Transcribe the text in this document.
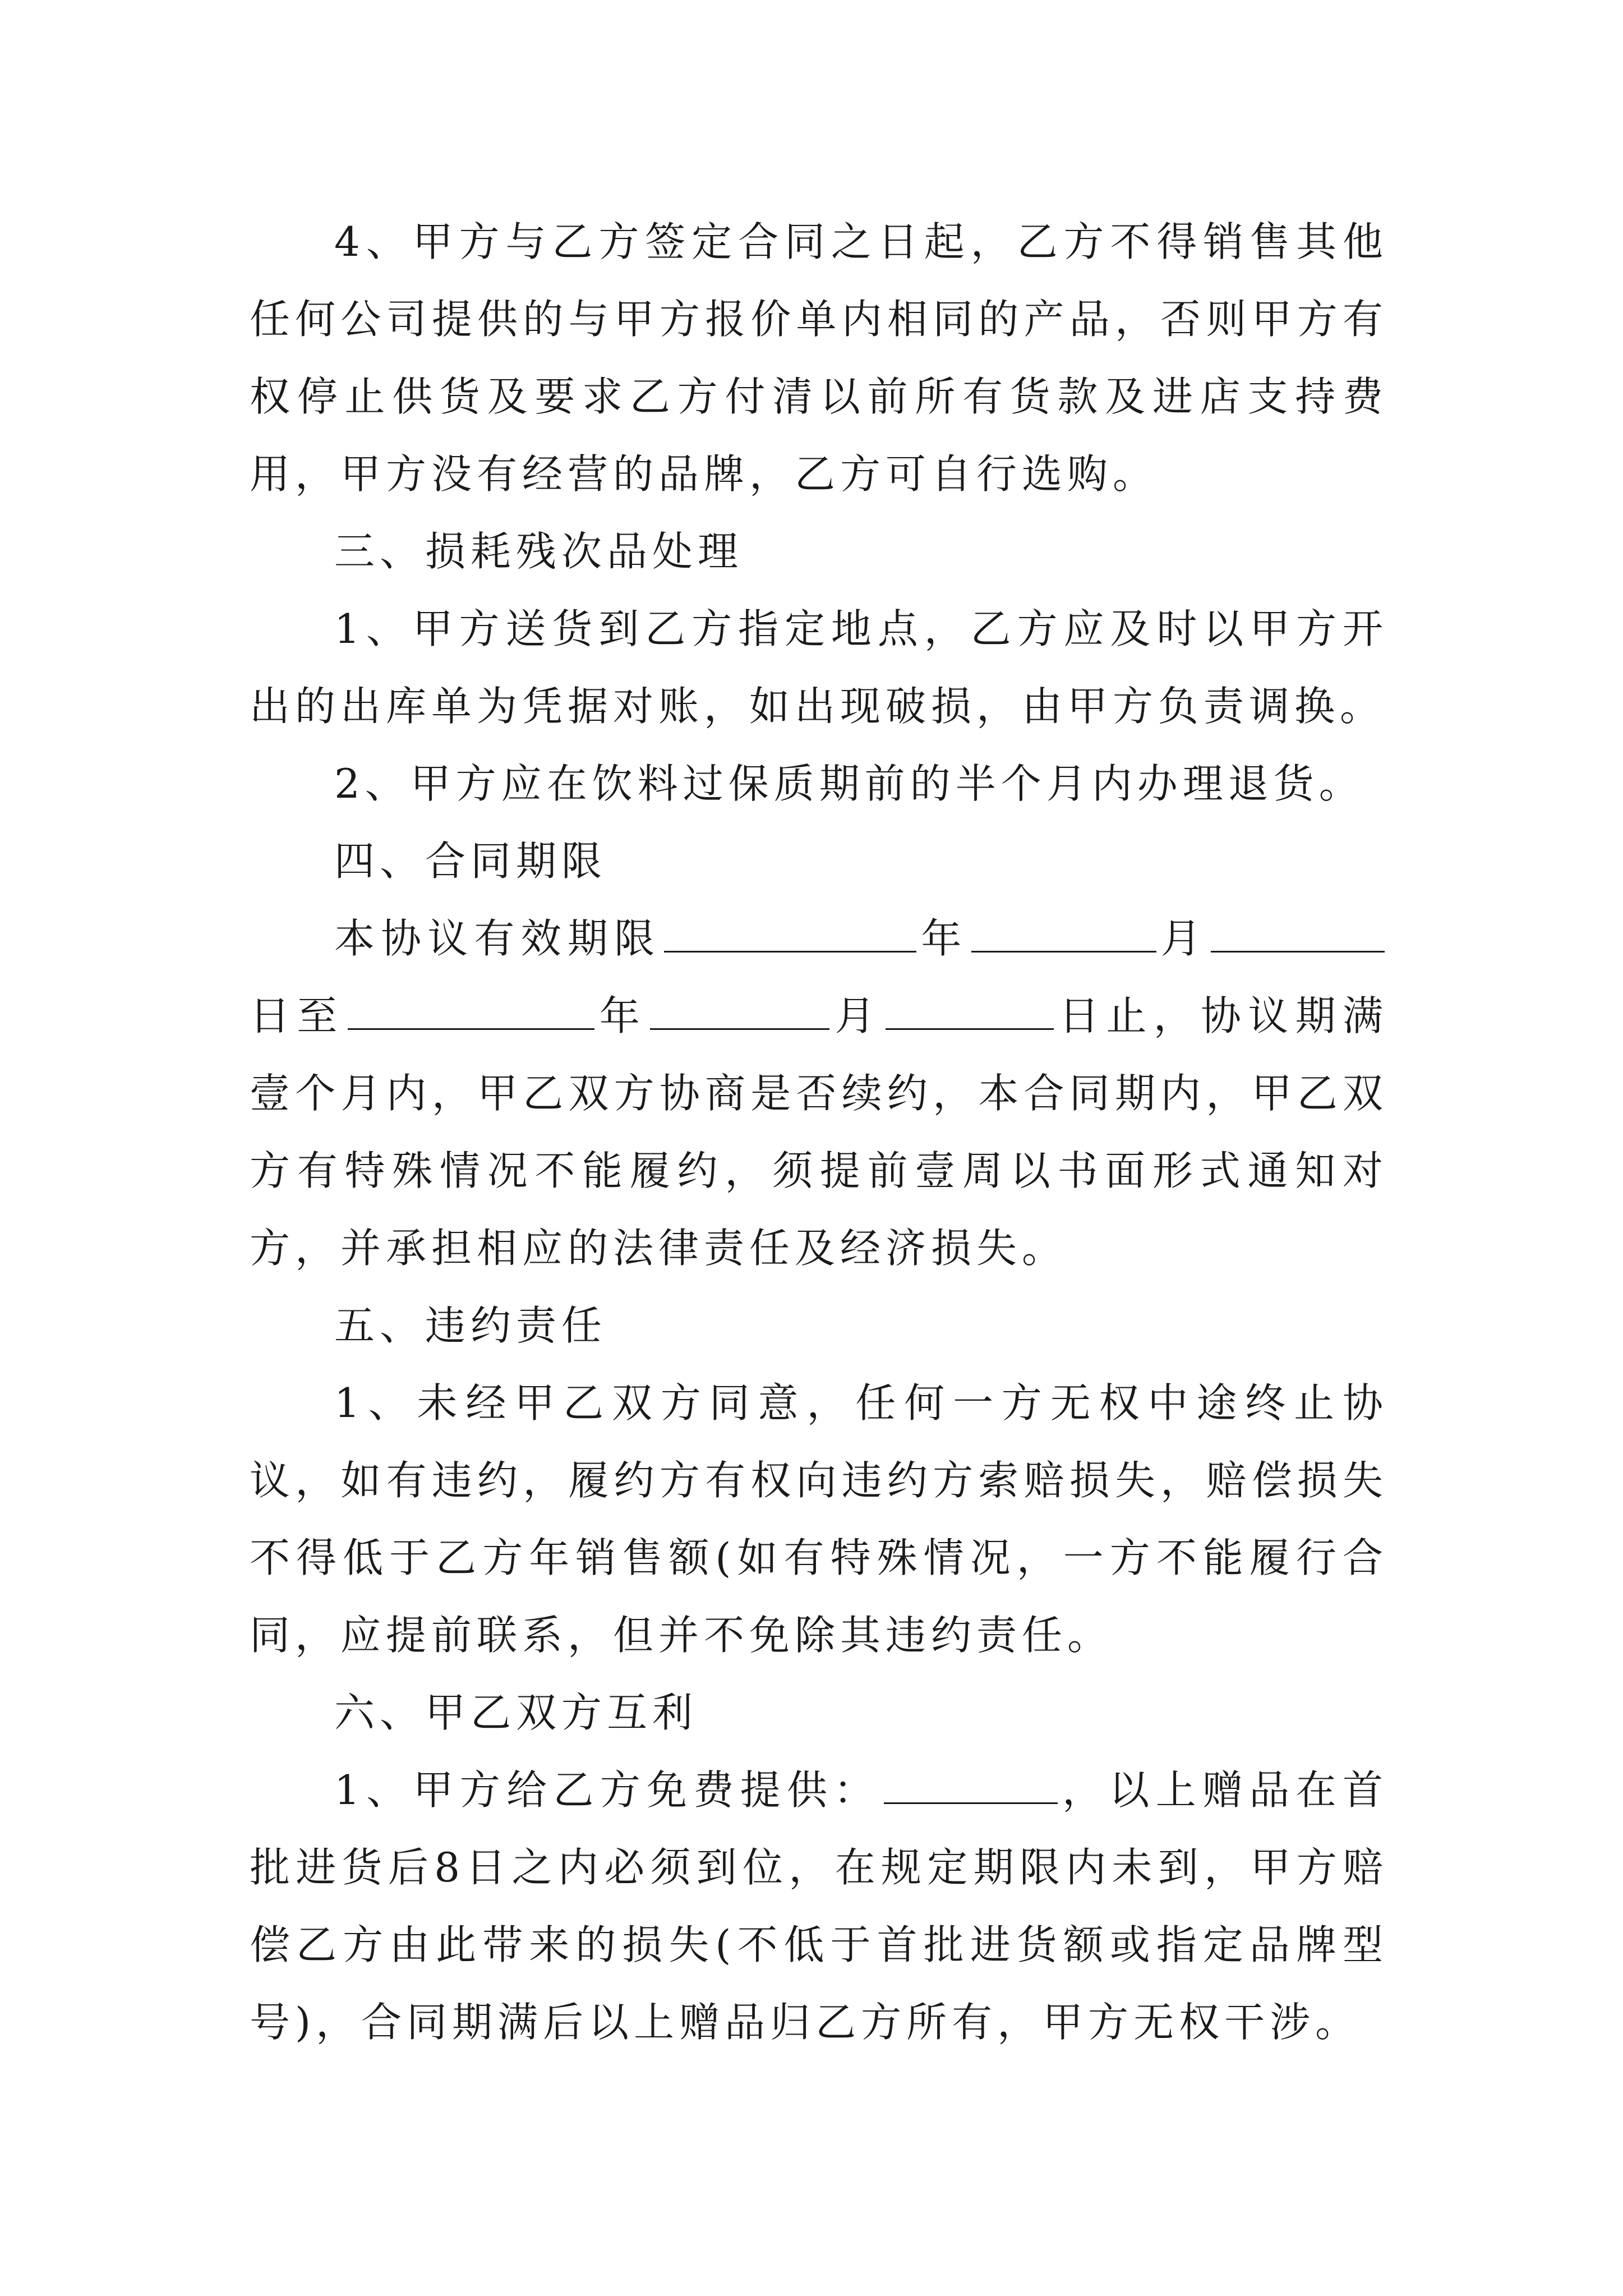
4、甲方与乙方签定合同之日起，乙方不得销售其他任何公司提供的与甲方报价单内相同的产品，否则甲方有权停止供货及要求乙方付清以前所有货款及进店支持费用，甲方没有经营的品牌，乙方可自行选购。

三、损耗残次品处理

1、甲方送货到乙方指定地点，乙方应及时以甲方开出的出库单为凭据对账，如出现破损，由甲方负责调换。

2、甲方应在饮料过保质期前的半个月内办理退货。

四、合同期限

本协议有效期限	年	月日至	年	月	日止，协议期满壹个月内，甲乙双方协商是否续约，本合同期内，甲乙双方有特殊情况不能履约，须提前壹周以书面形式通知对方，并承担相应的法律责任及经济损失。

五、违约责任

1、未经甲乙双方同意，任何一方无权中途终止协议，如有违约，履约方有权向违约方索赔损失，赔偿损失不得低于乙方年销售额(如有特殊情况，一方不能履行合同，应提前联系，但并不免除其违约责任。

六、甲乙双方互利

1、甲方给乙方免费提供：	，以上赠品在首批进货后8日之内必须到位，在规定期限内未到，甲方赔偿乙方由此带来的损失(不低于首批进货额或指定品牌型号)，合同期满后以上赠品归乙方所有，甲方无权干涉。
